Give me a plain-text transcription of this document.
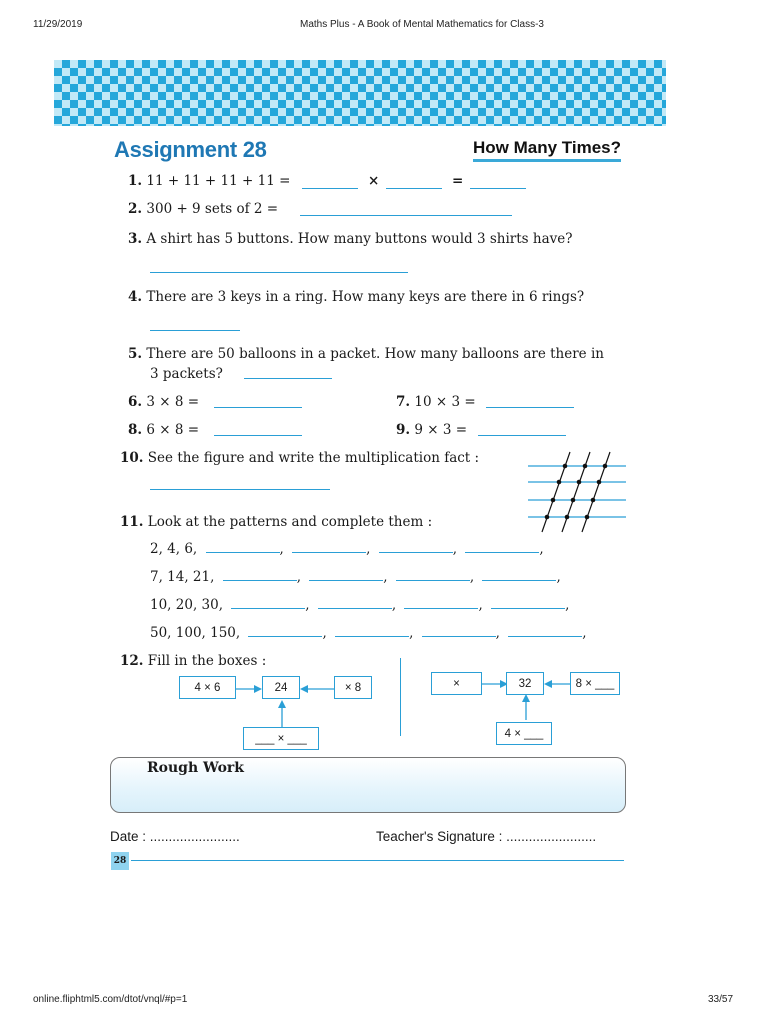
11/29/2019	Maths Plus - A Book of Mental Mathematics for Class-3
Assignment 28	How Many Times?
1. 11 + 11 + 11 + 11 =	×	=
2. 300 + 9 sets of 2 =
3. A shirt has 5 buttons. How many buttons would 3 shirts have?
4. There are 3 keys in a ring. How many keys are there in 6 rings?
5. There are 50 balloons in a packet. How many balloons are there in
3 packets?
6. 3 × 8 =	7. 10 × 3 =
8. 6 × 8 =	9. 9 × 3 =
10. See the figure and write the multiplication fact :
11. Look at the patterns and complete them :
2, 4, 6,	,	,	,	,
7, 14, 21,	,	,	,	,
10, 20, 30,	,	,	,	,
50, 100, 150,	,	,	,	,
12. Fill in the boxes :
4 × 6	24	× 8
___ × ___
×	32	8 × ___
4 × ___
Rough Work
Date : ........................	Teacher's Signature : ........................
28
online.fliphtml5.com/dtot/vnql/#p=1	33/57
